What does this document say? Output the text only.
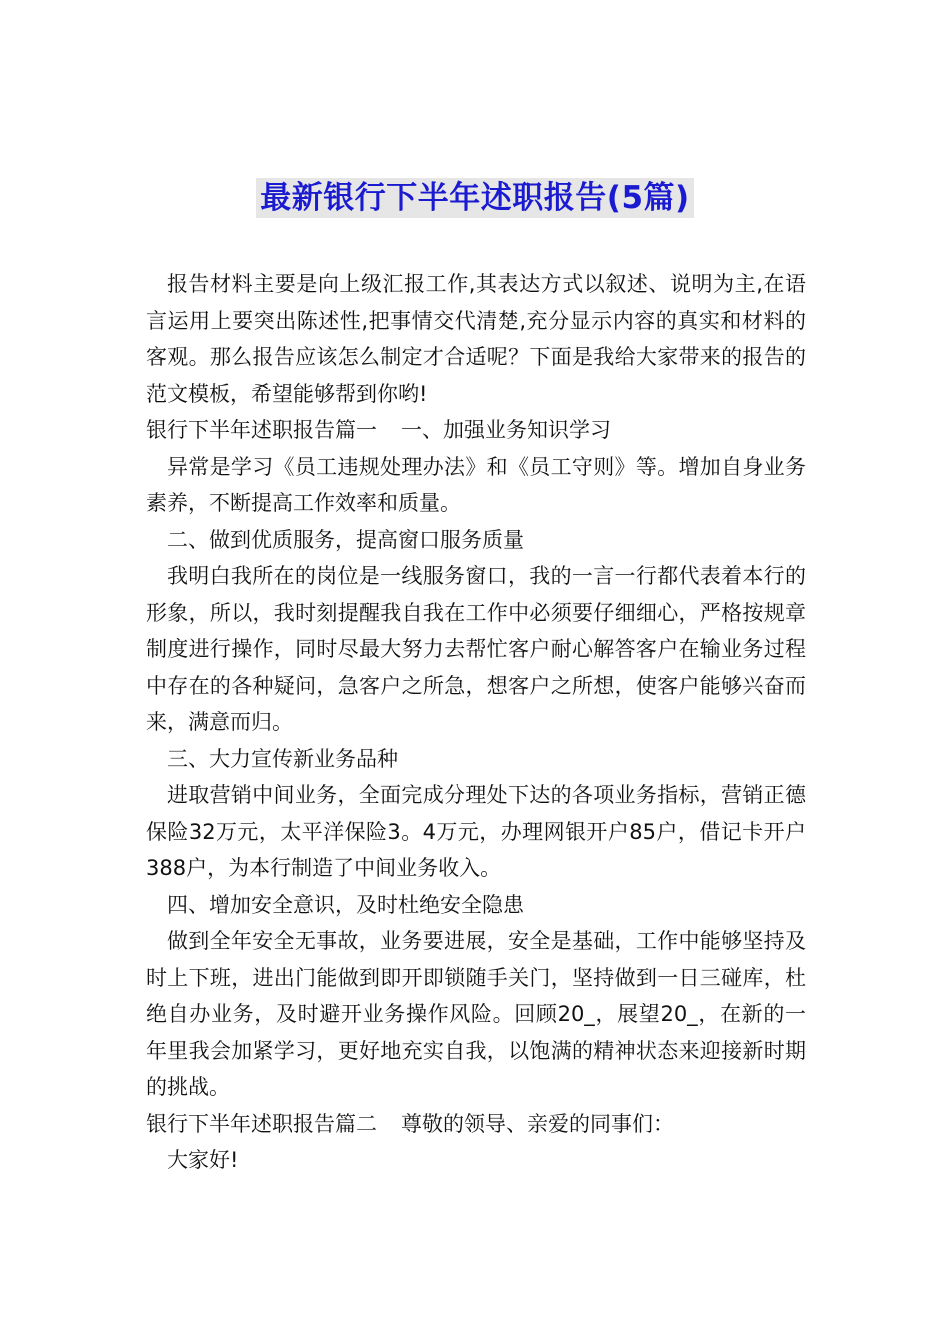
最新银行下半年述职报告(5篇)

报告材料主要是向上级汇报工作,其表达方式以叙述、说明为主,在语言运用上要突出陈述性,把事情交代清楚,充分显示内容的真实和材料的客观。那么报告应该怎么制定才合适呢？下面是我给大家带来的报告的范文模板，希望能够帮到你哟!

银行下半年述职报告篇一 一、加强业务知识学习

异常是学习《员工违规处理办法》和《员工守则》等。增加自身业务素养，不断提高工作效率和质量。

二、做到优质服务，提高窗口服务质量

我明白我所在的岗位是一线服务窗口，我的一言一行都代表着本行的形象，所以，我时刻提醒我自我在工作中必须要仔细细心，严格按规章制度进行操作，同时尽最大努力去帮忙客户耐心解答客户在输业务过程中存在的各种疑问，急客户之所急，想客户之所想，使客户能够兴奋而来，满意而归。

三、大力宣传新业务品种

进取营销中间业务，全面完成分理处下达的各项业务指标，营销正德保险32万元，太平洋保险3。4万元，办理网银开户85户，借记卡开户388户，为本行制造了中间业务收入。

四、增加安全意识，及时杜绝安全隐患

做到全年安全无事故，业务要进展，安全是基础，工作中能够坚持及时上下班，进出门能做到即开即锁随手关门，坚持做到一日三碰库，杜绝自办业务，及时避开业务操作风险。回顾20_，展望20_，在新的一年里我会加紧学习，更好地充实自我，以饱满的精神状态来迎接新时期的挑战。

银行下半年述职报告篇二 尊敬的领导、亲爱的同事们：

大家好!
